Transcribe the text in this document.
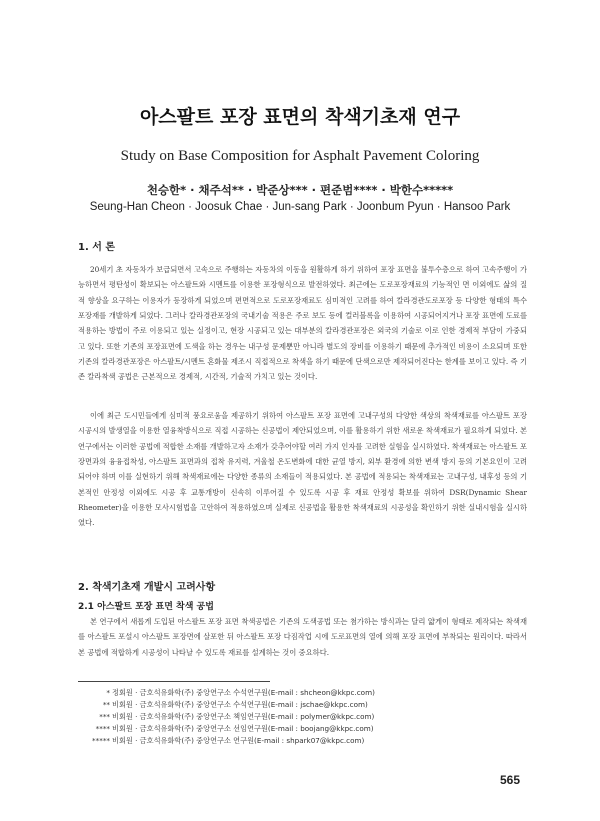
아스팔트 포장 표면의 착색기초재 연구
Study on Base Composition for Asphalt Pavement Coloring
천승한* · 채주석** · 박준상*** · 편준범**** · 박한수*****
Seung-Han Cheon · Joosuk Chae · Jun-sang Park · Joonbum Pyun · Hansoo Park
1. 서 론
20세기 초 자동차가 보급되면서 고속으로 주행하는 자동차의 이동을 원활하게 하기 위하여 포장 표면을 불투수층으로 하여 고속주행이 가능하면서 평탄성이 확보되는 아스팔트와 시멘트를 이용한 포장형식으로 발전하였다. 최근에는 도로포장재료의 기능적인 면 이외에도 삶의 질적 향상을 요구하는 이용자가 등장하게 되었으며 편면적으로 도로포장재료도 심미적인 고려를 하여 칼라경관도로포장 등 다양한 형태의 특수포장재를 개발하게 되었다. 그러나 칼라경관포장의 국내기술 적용은 주로 보도 등에 컬러블록을 이용하여 시공되어지거나 포장 표면에 도료를 적용하는 방법이 주로 이용되고 있는 실정이고, 현장 시공되고 있는 대부분의 칼라경관포장은 외국의 기술로 이로 인한 경제적 부담이 가중되고 있다. 또한 기존의 포장표면에 도색을 하는 경우는 내구성 문제뿐만 아니라 별도의 장비를 이용하기 때문에 추가적인 비용이 소요되며 또한 기존의 칼라경관포장은 아스팔트/시멘트 혼화물 제조시 직접적으로 착색을 하기 때문에 단색으로만 제작되어진다는 한계를 보이고 있다. 즉 기존 칼라착색 공법은 근본적으로 경제적, 시간적, 기술적 가치고 있는 것이다.
이에 최근 도시민들에게 심미적 풍요로움을 제공하기 위하여 아스팔트 포장 표면에 고내구성의 다양한 색상의 착색재료를 아스팔트 포장 시공시의 발생열을 이용한 열융착방식으로 직접 시공하는 신공법이 제안되었으며, 이를 활용하기 위한 새로운 착색재료가 필요하게 되었다. 본 연구에서는 이러한 공법에 적합한 소재를 개발하고자 소재가 갖추어야할 여러 가지 인자를 고려한 실험을 실시하였다. 착색재료는 아스팔트 포장면과의 융융접착성, 아스팔트 표면과의 접착 유지력, 겨울철 온도변화에 대한 균열 방지, 외부 환경에 의한 변색 방지 등의 기본요인이 고려되어야 하며 이를 실현하기 위해 착색재료에는 다양한 종류의 소재들이 적용되었다. 본 공법에 적용되는 착색재료는 고내구성, 내후성 등의 기본적인 안정성 이외에도 시공 후 교통개방이 신속히 이루어질 수 있도록 시공 후 재료 안정성 확보를 위하여 DSR(Dynamic Shear Rheometer)을 이용한 모사시험법을 고안하여 적용하였으며 실제로 신공법을 활용한 착색재료의 시공성을 확인하기 위한 실내시험을 실시하였다.
2. 착색기초재 개발시 고려사항
2.1 아스팔트 포장 표면 착색 공법
본 연구에서 새롭게 도입된 아스팔트 포장 표면 착색공법은 기존의 도색공법 또는 첨가하는 방식과는 달리 얇게이 형태로 제작되는 착색재를 아스팔트 포설시 아스팔트 포장면에 살포한 뒤 아스팔트 포장 다짐작업 시에 도로표면의 열에 의해 포장 표면에 부착되는 원리이다. 따라서 본 공법에 적합하게 시공성이 나타날 수 있도록 재료를 설계하는 것이 중요하다.
* 정회원 · 금호석유화학(주) 중앙연구소 수석연구원(E-mail : shcheon@kkpc.com)
** 비회원 · 금호석유화학(주) 중앙연구소 수석연구원(E-mail : jschae@kkpc.com)
*** 비회원 · 금호석유화학(주) 중앙연구소 책임연구원(E-mail : polymer@kkpc.com)
**** 비회원 · 금호석유화학(주) 중앙연구소 선임연구원(E-mail : boojang@kkpc.com)
***** 비회원 · 금호석유화학(주) 중앙연구소 연구원(E-mail : shpark07@kkpc.com)
565
